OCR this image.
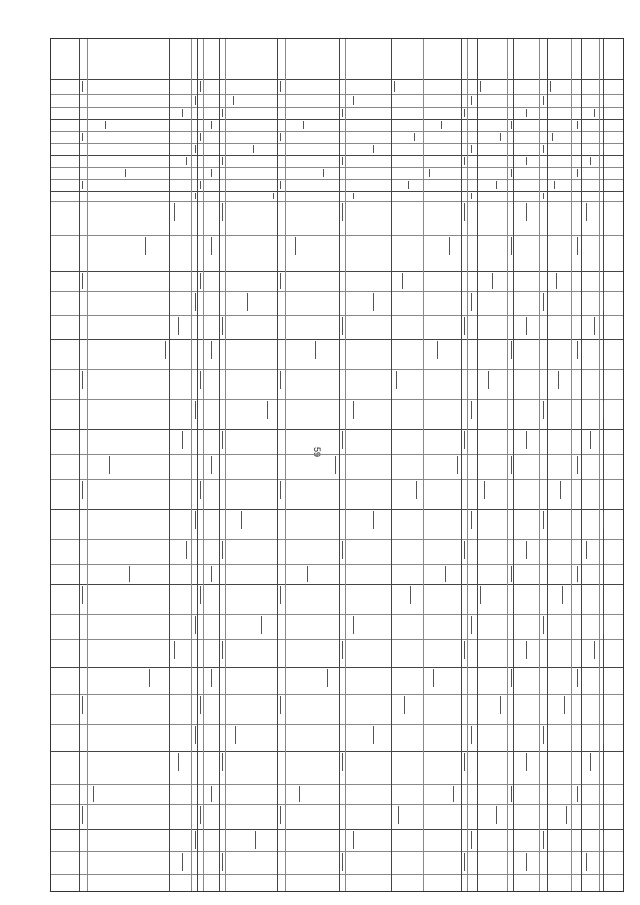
59
